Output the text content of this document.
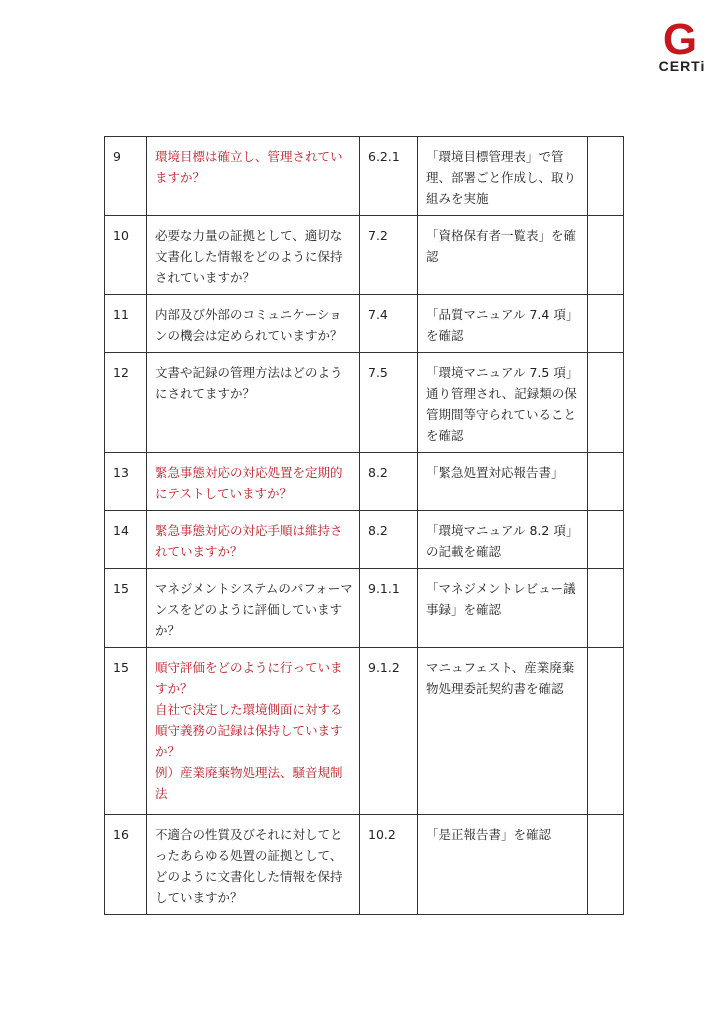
G
CERTi
9	環境目標は確立し、管理されていますか？	6.2.1	「環境目標管理表」で管理、部署ごと作成し、取り組みを実施	
10	必要な力量の証拠として、適切な文書化した情報をどのように保持されていますか？	7.2	「資格保有者一覧表」を確認	
11	内部及び外部のコミュニケーションの機会は定められていますか？	7.4	「品質マニュアル 7.4 項」を確認	
12	文書や記録の管理方法はどのようにされてますか？	7.5	「環境マニュアル 7.5 項」通り管理され、記録類の保管期間等守られていることを確認	
13	緊急事態対応の対応処置を定期的にテストしていますか？	8.2	「緊急処置対応報告書」	
14	緊急事態対応の対応手順は維持されていますか？	8.2	「環境マニュアル 8.2 項」の記載を確認	
15	マネジメントシステムのパフォーマンスをどのように評価していますか？	9.1.1	「マネジメントレビュー議事録」を確認	
15	順守評価をどのように行っていますか？
自社で決定した環境側面に対する順守義務の記録は保持していますか？
例）産業廃棄物処理法、騒音規制法	9.1.2	マニュフェスト、産業廃棄物処理委託契約書を確認	
16	不適合の性質及びそれに対してとったあらゆる処置の証拠として、どのように文書化した情報を保持していますか？	10.2	「是正報告書」を確認	
